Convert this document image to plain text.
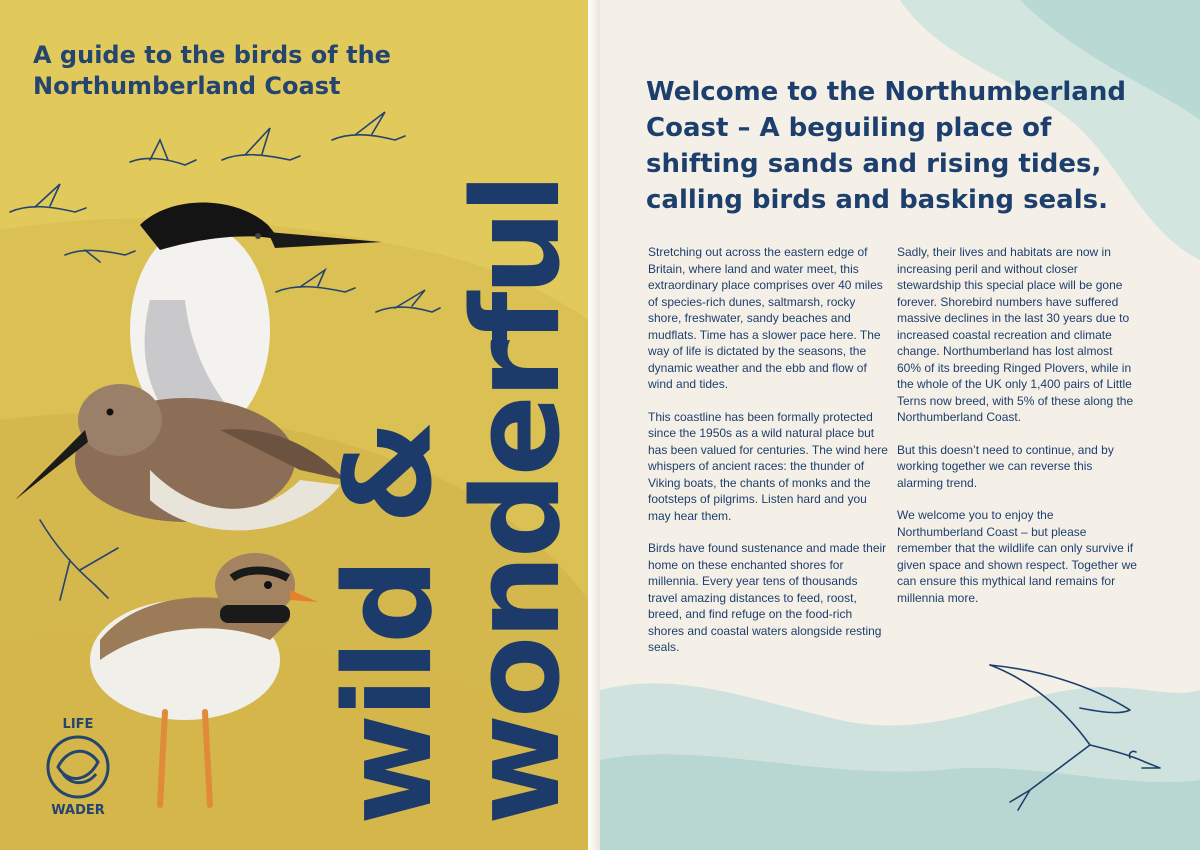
A guide to the birds of the Northumberland Coast
wild &
wonderful
LIFE
WADER
Welcome to the Northumberland Coast – A beguiling place of shifting sands and rising tides, calling birds and basking seals.

Stretching out across the eastern edge of Britain, where land and water meet, this extraordinary place comprises over 40 miles of species-rich dunes, saltmarsh, rocky shore, freshwater, sandy beaches and mudflats. Time has a slower pace here. The way of life is dictated by the seasons, the dynamic weather and the ebb and flow of wind and tides.

This coastline has been formally protected since the 1950s as a wild natural place but has been valued for centuries. The wind here whispers of ancient races: the thunder of Viking boats, the chants of monks and the footsteps of pilgrims. Listen hard and you may hear them.

Birds have found sustenance and made their home on these enchanted shores for millennia. Every year tens of thousands travel amazing distances to feed, roost, breed, and find refuge on the food-rich shores and coastal waters alongside resting seals.

Sadly, their lives and habitats are now in increasing peril and without closer stewardship this special place will be gone forever. Shorebird numbers have suffered massive declines in the last 30 years due to increased coastal recreation and climate change. Northumberland has lost almost 60% of its breeding Ringed Plovers, while in the whole of the UK only 1,400 pairs of Little Terns now breed, with 5% of these along the Northumberland Coast.

But this doesn’t need to continue, and by working together we can reverse this alarming trend.

We welcome you to enjoy the Northumberland Coast – but please remember that the wildlife can only survive if given space and shown respect. Together we can ensure this mythical land remains for millennia more.
